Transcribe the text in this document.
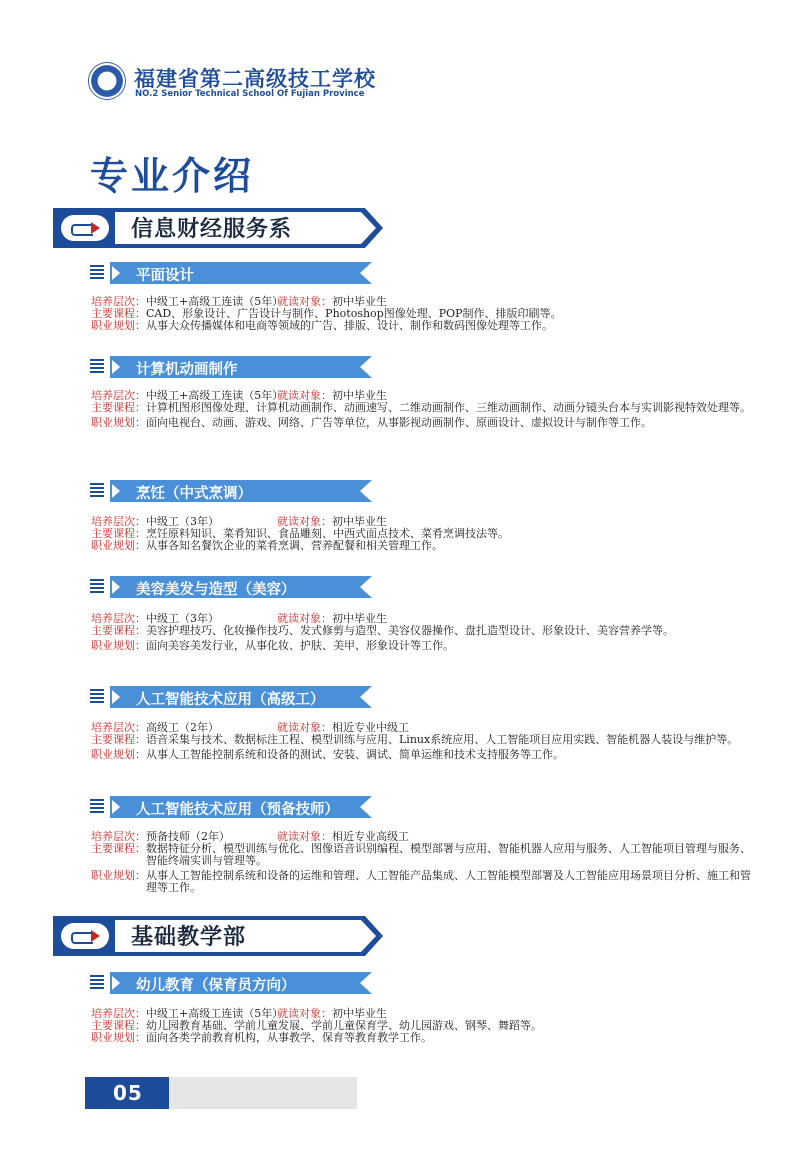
福建省第二高级技工学校
NO.2 Senior Technical School Of Fujian Province
专业介绍
信息财经服务系
平面设计
培养层次：中级工+高级工连读（5年）
就读对象： 初中毕业生
主要课程： CAD、形象设计、广告设计与制作、Photoshop图像处理、POP制作、排版印刷等。
职业规划： 从事大众传播媒体和电商等领域的广告、排版、设计、制作和数码图像处理等工作。
计算机动画制作
培养层次：中级工+高级工连读（5年）
就读对象： 初中毕业生
主要课程： 计算机图形图像处理、计算机动画制作、动画速写、二维动画制作、三维动画制作、动画分镜头台本与实训影视特效处理等。
职业规划： 面向电视台、动画、游戏、网络、广告等单位，从事影视动画制作、原画设计、虚拟设计与制作等工作。
烹饪（中式烹调）
培养层次：中级工（3年）	就读对象： 初中毕业生
主要课程： 烹饪原料知识、菜肴知识、食品雕刻、中西式面点技术、菜肴烹调技法等。
职业规划： 从事各知名餐饮企业的菜肴烹调、营养配餐和相关管理工作。
美容美发与造型（美容）
培养层次：中级工（3年）	就读对象： 初中毕业生
主要课程： 美容护理技巧、化妆操作技巧、发式修剪与造型、美容仪器操作、盘扎造型设计、形象设计、美容营养学等。
职业规划： 面向美容美发行业，从事化妆、护肤、美甲、形象设计等工作。
人工智能技术应用（高级工）
培养层次：高级工（2年）	就读对象： 相近专业中级工
主要课程： 语音采集与技术、数据标注工程、模型训练与应用、Linux系统应用、人工智能项目应用实践、智能机器人装设与维护等。
职业规划： 从事人工智能控制系统和设备的测试、安装、调试、简单运维和技术支持服务等工作。
人工智能技术应用（预备技师）
培养层次：预备技师（2年）	就读对象： 相近专业高级工
主要课程： 数据特征分析、模型训练与优化、图像语音识别编程、模型部署与应用、智能机器人应用与服务、人工智能项目管理与服务、智能终端实训与管理等。
职业规划： 从事人工智能控制系统和设备的运维和管理、人工智能产品集成、人工智能模型部署及人工智能应用场景项目分析、施工和管理等工作。
基础教学部
幼儿教育（保育员方向）
培养层次：中级工+高级工连读（5年）
就读对象： 初中毕业生
主要课程： 幼儿园教育基础、学前儿童发展、学前儿童保育学、幼儿园游戏、钢琴、舞蹈等。
职业规划： 面向各类学前教育机构，从事教学、保育等教育教学工作。
05
